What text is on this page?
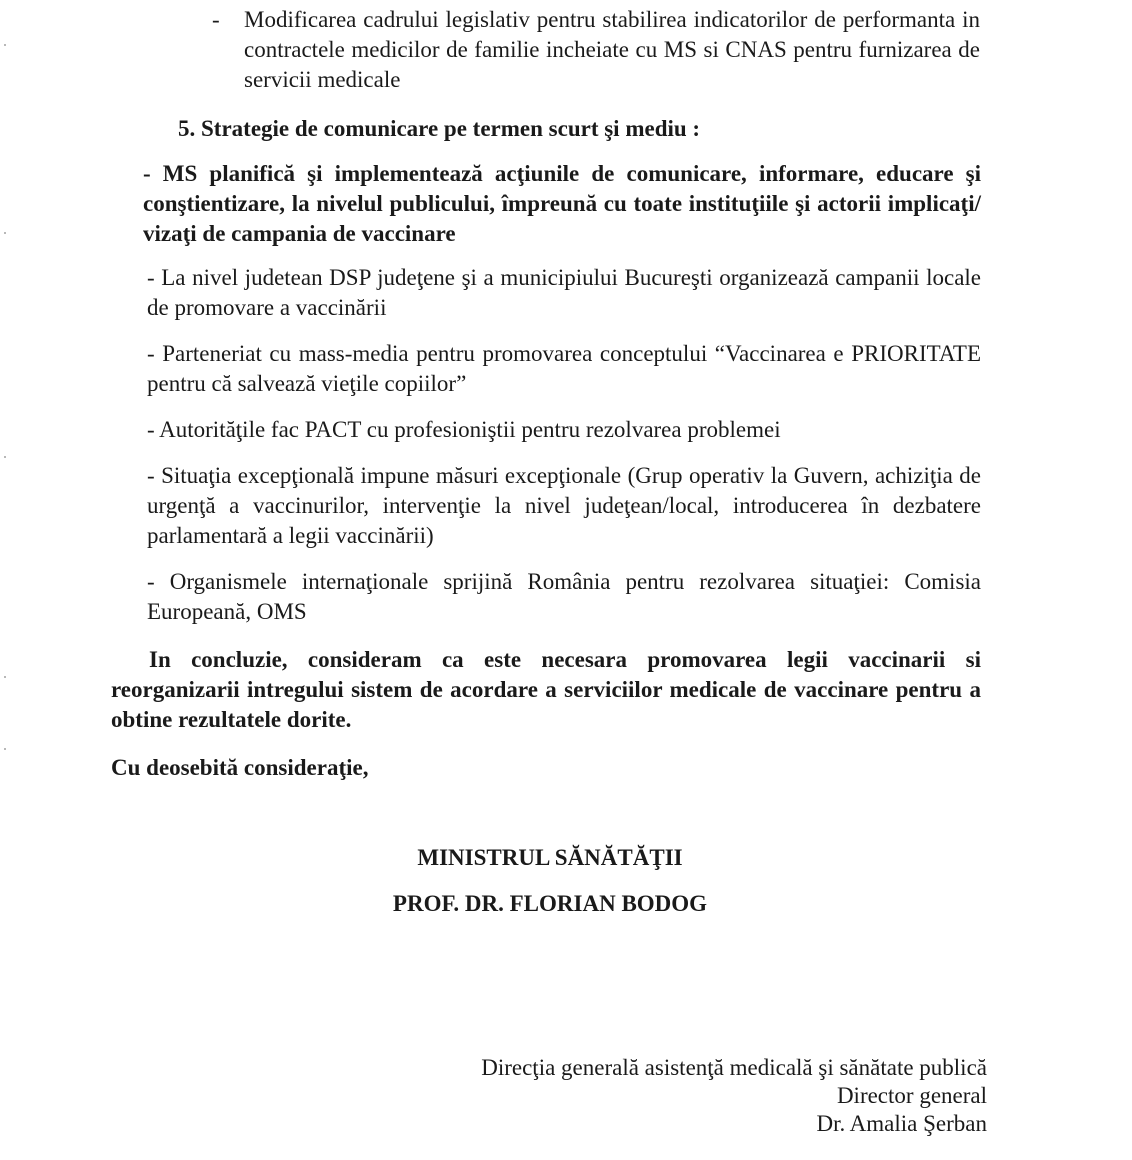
- Modificarea cadrului legislativ pentru stabilirea indicatorilor de performanta in contractele medicilor de familie incheiate cu MS si CNAS pentru furnizarea de servicii medicale

5. Strategie de comunicare pe termen scurt şi mediu :

- MS planifică şi implementează acţiunile de comunicare, informare, educare şi conştientizare, la nivelul publicului, împreună cu toate instituţiile şi actorii implicaţi/ vizaţi de campania de vaccinare

- La nivel judetean DSP judeţene şi a municipiului Bucureşti organizează campanii locale de promovare a vaccinării

- Parteneriat cu mass-media pentru promovarea conceptului “Vaccinarea e PRIORITATE pentru că salvează vieţile copiilor”

- Autorităţile fac PACT cu profesioniştii pentru rezolvarea problemei

- Situaţia excepţională impune măsuri excepţionale (Grup operativ la Guvern, achiziţia de urgenţă a vaccinurilor, intervenţie la nivel judeţean/local, introducerea în dezbatere parlamentară a legii vaccinării)

- Organismele internaţionale sprijină România pentru rezolvarea situaţiei: Comisia Europeană, OMS

In concluzie, consideram ca este necesara promovarea legii vaccinarii si reorganizarii intregului sistem de acordare a serviciilor medicale de vaccinare pentru a obtine rezultatele dorite.

Cu deosebită consideraţie,

MINISTRUL SĂNĂTĂŢII

PROF. DR. FLORIAN BODOG

Direcţia generală asistenţă medicală şi sănătate publică

Director general

Dr. Amalia Şerban
